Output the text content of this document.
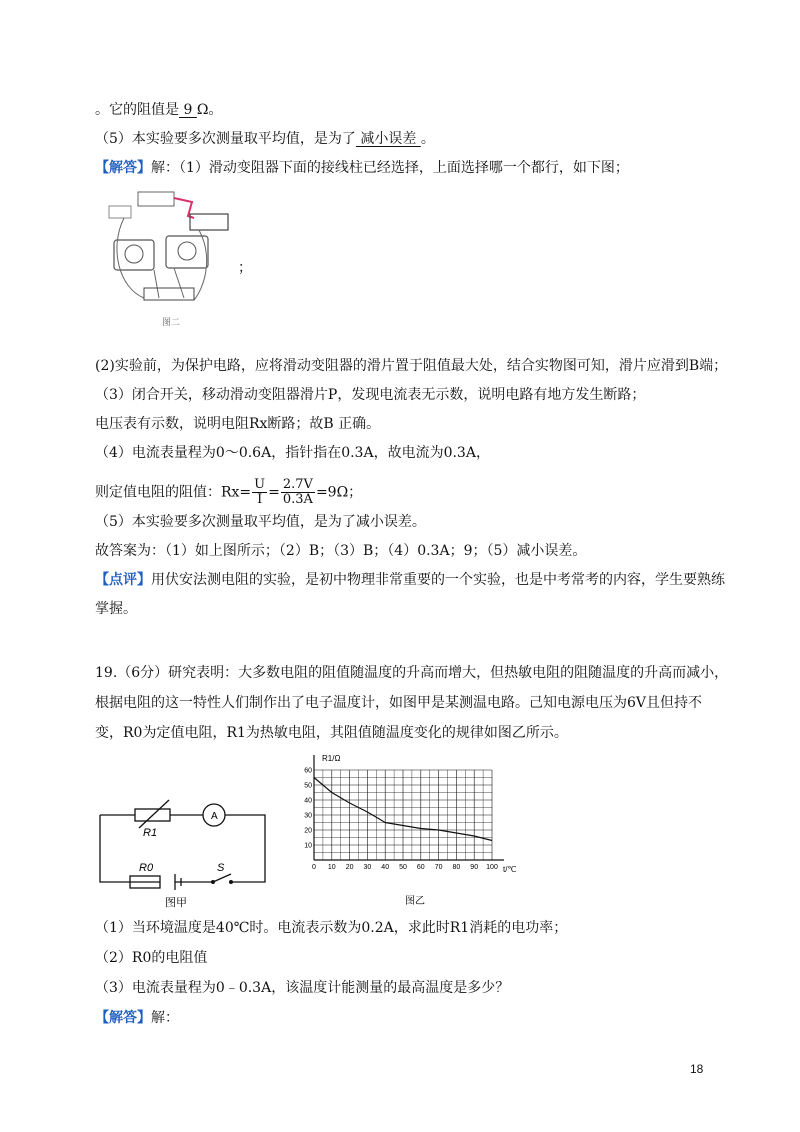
。它的阻值是 9 Ω。
（5）本实验要多次测量取平均值，是为了 减小误差 。
【解答】解：（1）滑动变阻器下面的接线柱已经选择，上面选择哪一个都行，如下图；
图二
；
(2)实验前，为保护电路，应将滑动变阻器的滑片置于阻值最大处，结合实物图可知，滑片应滑到B端；
（3）闭合开关，移动滑动变阻器滑片P，发现电流表无示数，说明电路有地方发生断路；
电压表有示数，说明电阻Rx断路；故B 正确。
（4）电流表量程为0～0.6A，指针指在0.3A，故电流为0.3A，
则定值电阻的阻值：$Rx= \frac{U}{I} = \frac{2.7V}{0.3A} =9\Omega$；
（5）本实验要多次测量取平均值，是为了减小误差。
故答案为：（1）如上图所示；（2）B；（3）B；（4）0.3A；9；（5）减小误差。
【点评】用伏安法测电阻的实验，是初中物理非常重要的一个实验，也是中考常考的内容，学生要熟练
掌握。
19.（6分）研究表明：大多数电阻的阻值随温度的升高而增大，但热敏电阻的阻随温度的升高而减小，
根据电阻的这一特性人们制作出了电子温度计，如图甲是某测温电路。己知电源电压为6V且但持不
变，R0为定值电阻，R1为热敏电阻，其阻值随温度变化的规律如图乙所示。
A
R1
R0	S
图甲
0 10 20 30 40 50 60 70 80 90 100
10
20
30
40
50
60
R1/Ω
t/℃
图乙
（1）当环境温度是40℃时。电流表示数为0.2A，求此时R1消耗的电功率；
（2）R0的电阻值
（3）电流表量程为0﹣0.3A，该温度计能测量的最高温度是多少？
【解答】解：
18
